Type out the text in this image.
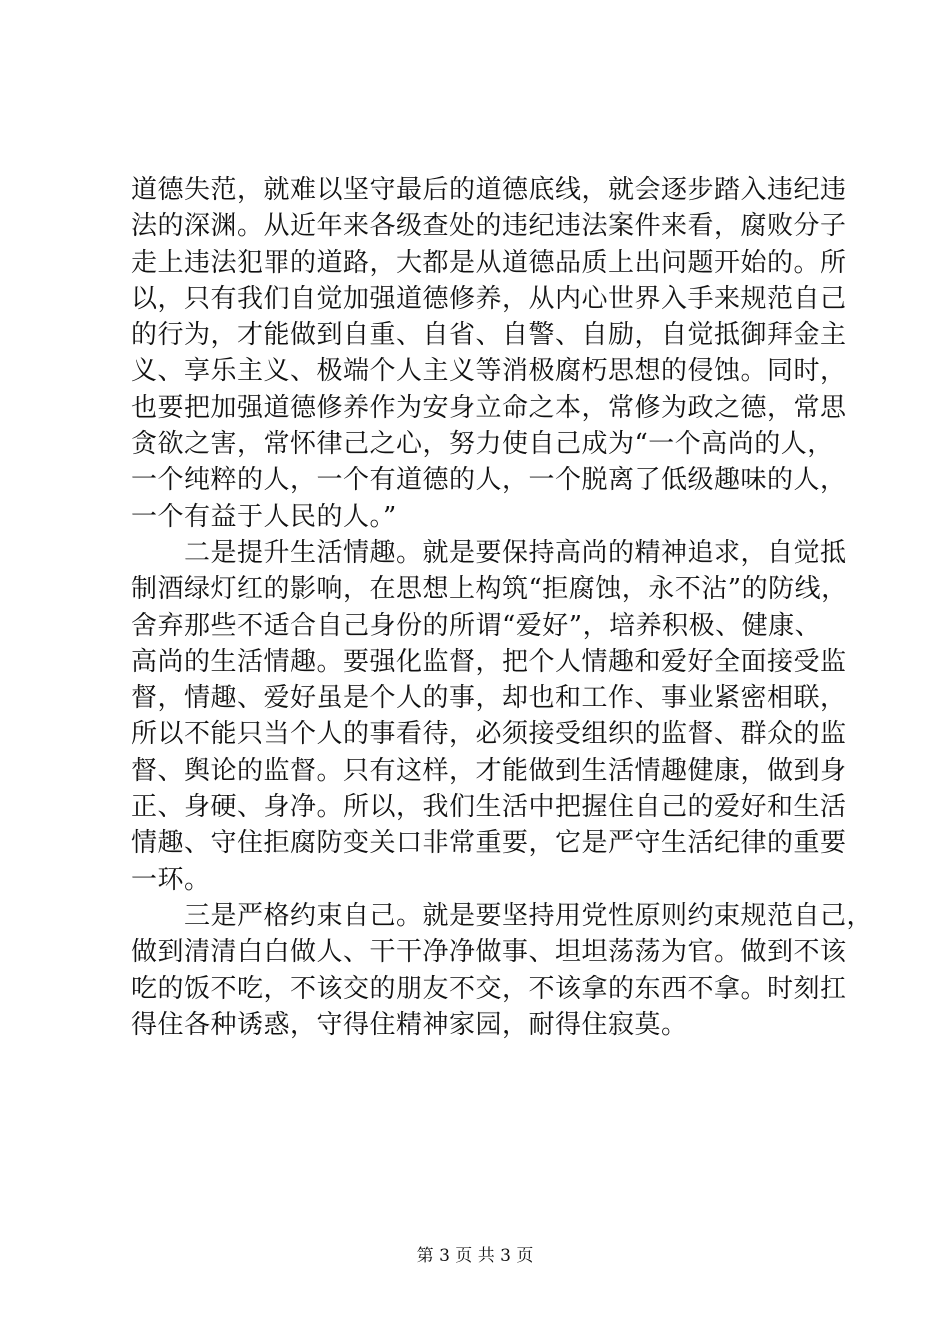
道德失范，就难以坚守最后的道德底线，就会逐步踏入违纪违
法的深渊。从近年来各级查处的违纪违法案件来看，腐败分子
走上违法犯罪的道路，大都是从道德品质上出问题开始的。所
以，只有我们自觉加强道德修养，从内心世界入手来规范自己
的行为，才能做到自重、自省、自警、自励，自觉抵御拜金主
义、享乐主义、极端个人主义等消极腐朽思想的侵蚀。同时，
也要把加强道德修养作为安身立命之本，常修为政之德，常思
贪欲之害，常怀律己之心，努力使自己成为“一个高尚的人，
一个纯粹的人，一个有道德的人，一个脱离了低级趣味的人，
一个有益于人民的人。”
　　二是提升生活情趣。就是要保持高尚的精神追求，自觉抵
制酒绿灯红的影响，在思想上构筑“拒腐蚀，永不沾”的防线，
舍弃那些不适合自己身份的所谓“爱好”，培养积极、健康、
高尚的生活情趣。要强化监督，把个人情趣和爱好全面接受监
督，情趣、爱好虽是个人的事，却也和工作、事业紧密相联，
所以不能只当个人的事看待，必须接受组织的监督、群众的监
督、舆论的监督。只有这样，才能做到生活情趣健康，做到身
正、身硬、身净。所以，我们生活中把握住自己的爱好和生活
情趣、守住拒腐防变关口非常重要，它是严守生活纪律的重要
一环。
　　三是严格约束自己。就是要坚持用党性原则约束规范自己，
做到清清白白做人、干干净净做事、坦坦荡荡为官。做到不该
吃的饭不吃，不该交的朋友不交，不该拿的东西不拿。时刻扛
得住各种诱惑，守得住精神家园，耐得住寂莫。
第 3 页 共 3 页
